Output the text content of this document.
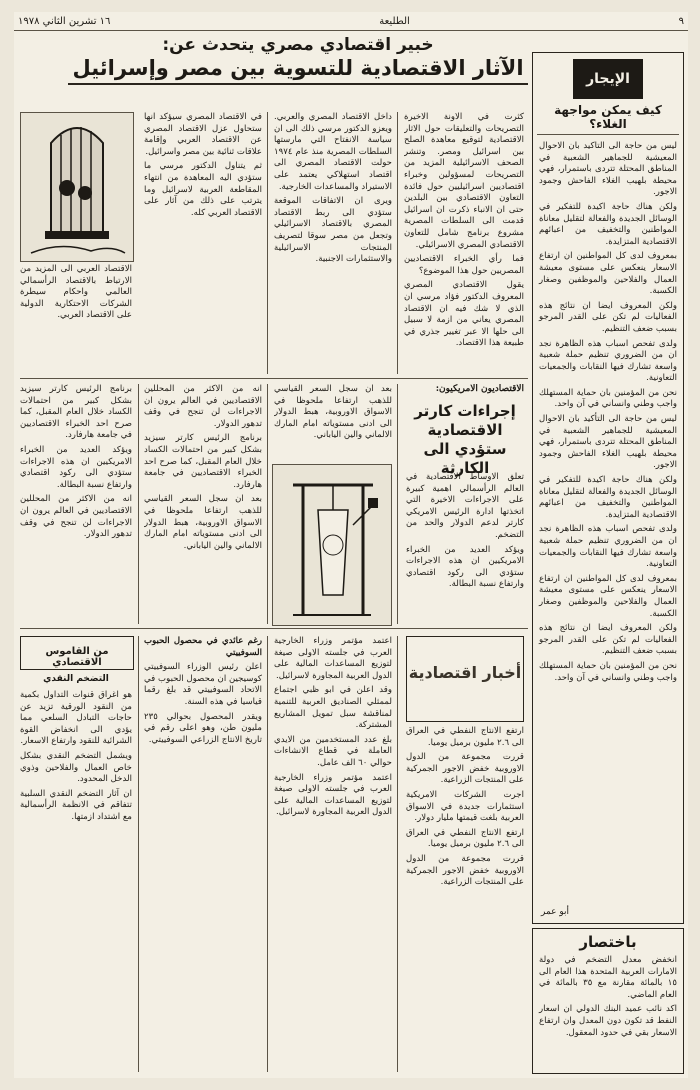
٩
الطليعة
١٦ تشرين الثاني ١٩٧٨
خبير اقتصادي مصري يتحدث عن:
الآثار الاقتصادية للتسوية بين مصر وإسرائيل	الإيجار
كيف يمكن مواجهة الغلاء؟

ليس من حاجة الى التأكيد بان الاحوال المعيشية للجماهير الشعبية في المناطق المحتلة تتردى باستمرار، فهي محيطة بلهيب الغلاء الفاحش وجمود الاجور.

ولكن هناك حاجة اكيدة للتفكير في الوسائل الجديدة والفعالة لتقليل معاناة المواطنين والتخفيف من اعبائهم الاقتصادية المتزايدة.

بمعروف لدى كل المواطنين ان ارتفاع الاسعار ينعكس على مستوى معيشة العمال والفلاحين والموظفين وصغار الكسبة.

ولكن المعروف ايضا ان نتائج هذه الفعاليات لم تكن على القدر المرجو بسبب ضعف التنظيم.

ولدى تفحص اسباب هذه الظاهرة نجد ان من الضروري تنظيم حملة شعبية واسعة تشارك فيها النقابات والجمعيات التعاونية.

نحن من المؤمنين بان حماية المستهلك واجب وطني وانساني في آن واحد.

ليس من حاجة الى التأكيد بان الاحوال المعيشية للجماهير الشعبية في المناطق المحتلة تتردى باستمرار، فهي محيطة بلهيب الغلاء الفاحش وجمود الاجور.

ولكن هناك حاجة اكيدة للتفكير في الوسائل الجديدة والفعالة لتقليل معاناة المواطنين والتخفيف من اعبائهم الاقتصادية المتزايدة.

ولدى تفحص اسباب هذه الظاهرة نجد ان من الضروري تنظيم حملة شعبية واسعة تشارك فيها النقابات والجمعيات التعاونية.

بمعروف لدى كل المواطنين ان ارتفاع الاسعار ينعكس على مستوى معيشة العمال والفلاحين والموظفين وصغار الكسبة.

ولكن المعروف ايضا ان نتائج هذه الفعاليات لم تكن على القدر المرجو بسبب ضعف التنظيم.

نحن من المؤمنين بان حماية المستهلك واجب وطني وانساني في آن واحد.

أبو عمر
باختصار

انخفض معدل التضخم في دولة الامارات العربية المتحدة هذا العام الى ١٥ بالمائة مقارنة مع ٣٥ بالمائة في العام الماضي.

اكد نائب عميد البنك الدولي ان اسعار النفط قد تكون دون المعدل وان ارتفاع الاسعار بقي في حدود المعقول.

كثرت في الاونة الاخيرة التصريحات والتعليقات حول الاثار الاقتصادية لتوقيع معاهدة الصلح بين اسرائيل ومصر. وتنشر الصحف الاسرائيلية المزيد من التصريحات لمسؤولين وخبراء اقتصاديين اسرائيليين حول فائدة التعاون الاقتصادي بين البلدين حتى ان الانباء ذكرت ان اسرائيل قدمت الى السلطات المصرية مشروع برنامج شامل للتعاون الاقتصادي المصري الاسرائيلي.

فما رأي الخبراء الاقتصاديين المصريين حول هذا الموضوع؟

يقول الاقتصادي المصري المعروف الدكتور فؤاد مرسي ان الذي لا شك فيه ان الاقتصاد المصري يعاني من ازمة لا سبيل الى حلها الا عبر تغيير جذري في طبيعة هذا الاقتصاد.

داخل الاقتصاد المصري والعربي. ويعزو الدكتور مرسي ذلك الى ان سياسة الانفتاح التي مارستها السلطات المصرية منذ عام ١٩٧٤ حولت الاقتصاد المصري الى اقتصاد استهلاكي يعتمد على الاستيراد والمساعدات الخارجية.

ويرى ان الاتفاقات الموقعة ستؤدي الى ربط الاقتصاد المصري بالاقتصاد الاسرائيلي وتجعل من مصر سوقا لتصريف المنتجات الاسرائيلية والاستثمارات الاجنبية.

في الاقتصاد المصري سيؤكد انها ستحاول عزل الاقتصاد المصري عن الاقتصاد العربي وإقامة علاقات ثنائية بين مصر واسرائيل.

ثم يتناول الدكتور مرسي ما ستؤدي اليه المعاهدة من انتهاء المقاطعة العربية لاسرائيل وما يترتب على ذلك من آثار على الاقتصاد العربي كله.

الاقتصاد العربي الى المزيد من الارتباط بالاقتصاد الرأسمالي العالمي واحكام سيطرة الشركات الاحتكارية الدولية على الاقتصاد العربي.

الاقتصاديون الامريكيون:
إجراءات كارتر الاقتصادية ستؤدي الى الكارثة

تعلق الاوساط الاقتصادية في العالم الرأسمالي اهمية كبيرة على الاجراءات الاخيرة التي اتخذتها ادارة الرئيس الامريكي كارتر لدعم الدولار والحد من التضخم.

ويؤكد العديد من الخبراء الامريكيين ان هذه الاجراءات ستؤدي الى ركود اقتصادي وارتفاع نسبة البطالة.

بعد ان سجل السعر القياسي للذهب ارتفاعا ملحوظا في الاسواق الاوروبية، هبط الدولار الى ادنى مستوياته امام المارك الالماني والين الياباني.

انه من الاكثر من المحللين الاقتصاديين في العالم يرون ان الاجراءات لن تنجح في وقف تدهور الدولار.

برنامج الرئيس كارتر سيزيد بشكل كبير من احتمالات الكساد خلال العام المقبل، كما صرح احد الخبراء الاقتصاديين في جامعة هارفارد.

بعد ان سجل السعر القياسي للذهب ارتفاعا ملحوظا في الاسواق الاوروبية، هبط الدولار الى ادنى مستوياته امام المارك الالماني والين الياباني.

برنامج الرئيس كارتر سيزيد بشكل كبير من احتمالات الكساد خلال العام المقبل، كما صرح احد الخبراء الاقتصاديين في جامعة هارفارد.

ويؤكد العديد من الخبراء الامريكيين ان هذه الاجراءات ستؤدي الى ركود اقتصادي وارتفاع نسبة البطالة.

انه من الاكثر من المحللين الاقتصاديين في العالم يرون ان الاجراءات لن تنجح في وقف تدهور الدولار.

أخبار اقتصادية

ارتفع الانتاج النفطي في العراق الى ٢.٦ مليون برميل يوميا.

قررت مجموعة من الدول الاوروبية خفض الاجور الجمركية على المنتجات الزراعية.

اجرت الشركات الامريكية استثمارات جديدة في الاسواق العربية بلغت قيمتها مليار دولار.

ارتفع الانتاج النفطي في العراق الى ٢.٦ مليون برميل يوميا.

قررت مجموعة من الدول الاوروبية خفض الاجور الجمركية على المنتجات الزراعية.

اعتمد مؤتمر وزراء الخارجية العرب في جلسته الاولى صيغة لتوزيع المساعدات المالية على الدول العربية المجاورة لاسرائيل.

وقد اعلن في ابو ظبي اجتماع لممثلي الصناديق العربية للتنمية لمناقشة سبل تمويل المشاريع المشتركة.

بلغ عدد المستخدمين من الايدي العاملة في قطاع الانشاءات حوالي ٦٠ الف عامل.

اعتمد مؤتمر وزراء الخارجية العرب في جلسته الاولى صيغة لتوزيع المساعدات المالية على الدول العربية المجاورة لاسرائيل.

رغم عائدي في محصول الحبوب السوفييتي

اعلن رئيس الوزراء السوفييتي كوسيجين ان محصول الحبوب في الاتحاد السوفييتي قد بلغ رقما قياسيا في هذه السنة.

ويقدر المحصول بحوالي ٢٣٥ مليون طن، وهو اعلى رقم في تاريخ الانتاج الزراعي السوفييتي.

من القاموس الاقتصادي
التضخم النقدي

هو اغراق قنوات التداول بكمية من النقود الورقية تزيد عن حاجات التبادل السلعي مما يؤدي الى انخفاض القوة الشرائية للنقود وارتفاع الاسعار.

ويشمل التضخم النقدي بشكل خاص العمال والفلاحين وذوي الدخل المحدود.

ان آثار التضخم النقدي السلبية تتفاقم في الانظمة الرأسمالية مع اشتداد ازمتها.
